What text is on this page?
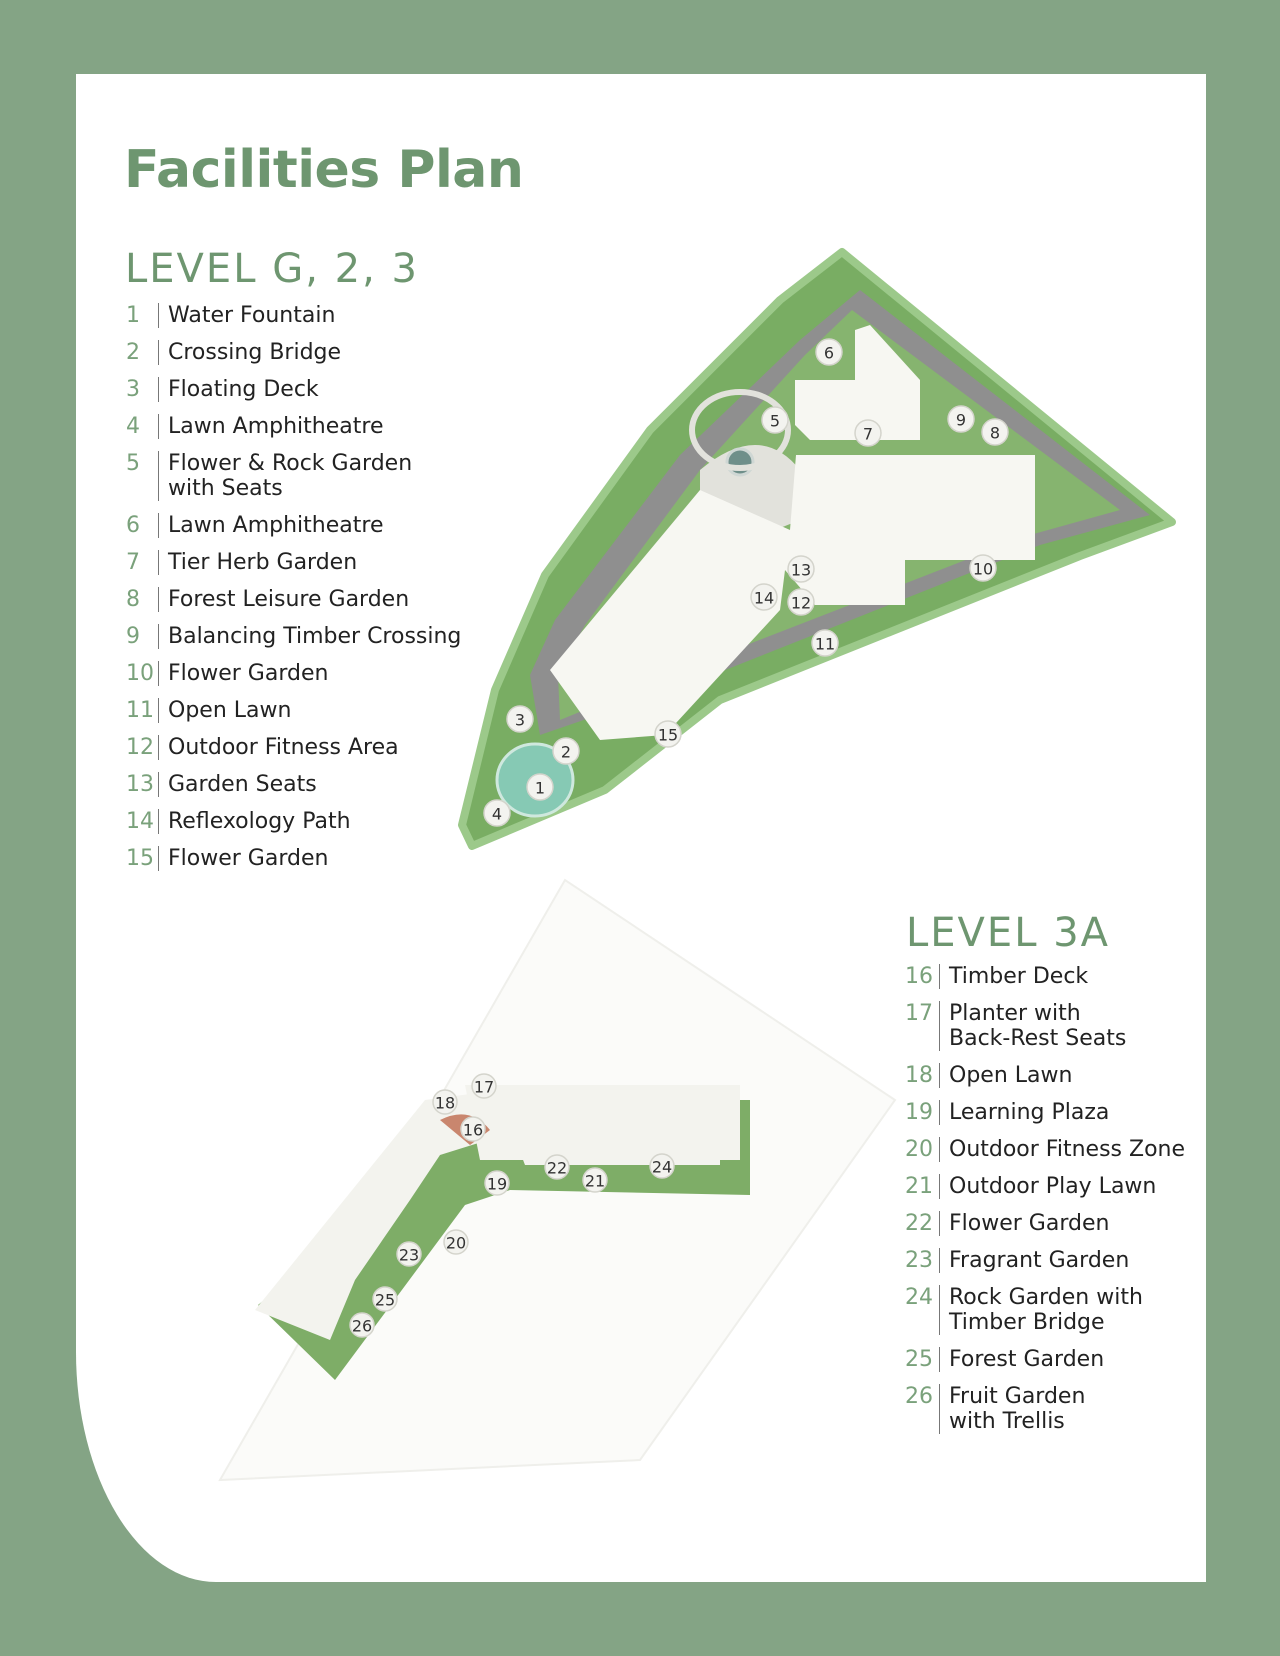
Facilities Plan
LEVEL G, 2, 3
1	Water Fountain
2	Crossing Bridge
3	Floating Deck
4	Lawn Amphitheatre
5	Flower & Rock Garden
with Seats
6	Lawn Amphitheatre
7	Tier Herb Garden
8	Forest Leisure Garden
9	Balancing Timber Crossing
10 Flower Garden
11 Open Lawn
12 Outdoor Fitness Area
13 Garden Seats
14 Reflexology Path
15 Flower Garden
LEVEL 3A
16 Timber Deck
17 Planter with
Back-Rest Seats
18 Open Lawn
19 Learning Plaza
20 Outdoor Fitness Zone
21 Outdoor Play Lawn
22 Flower Garden
23 Fragrant Garden
24 Rock Garden with
Timber Bridge
25 Forest Garden
26 Fruit Garden
with Trellis
1
2
3
4
5
6
7	8
9
10
11
12
13
14
15
16
17
18
19
20
21
22
23
24
25
26
